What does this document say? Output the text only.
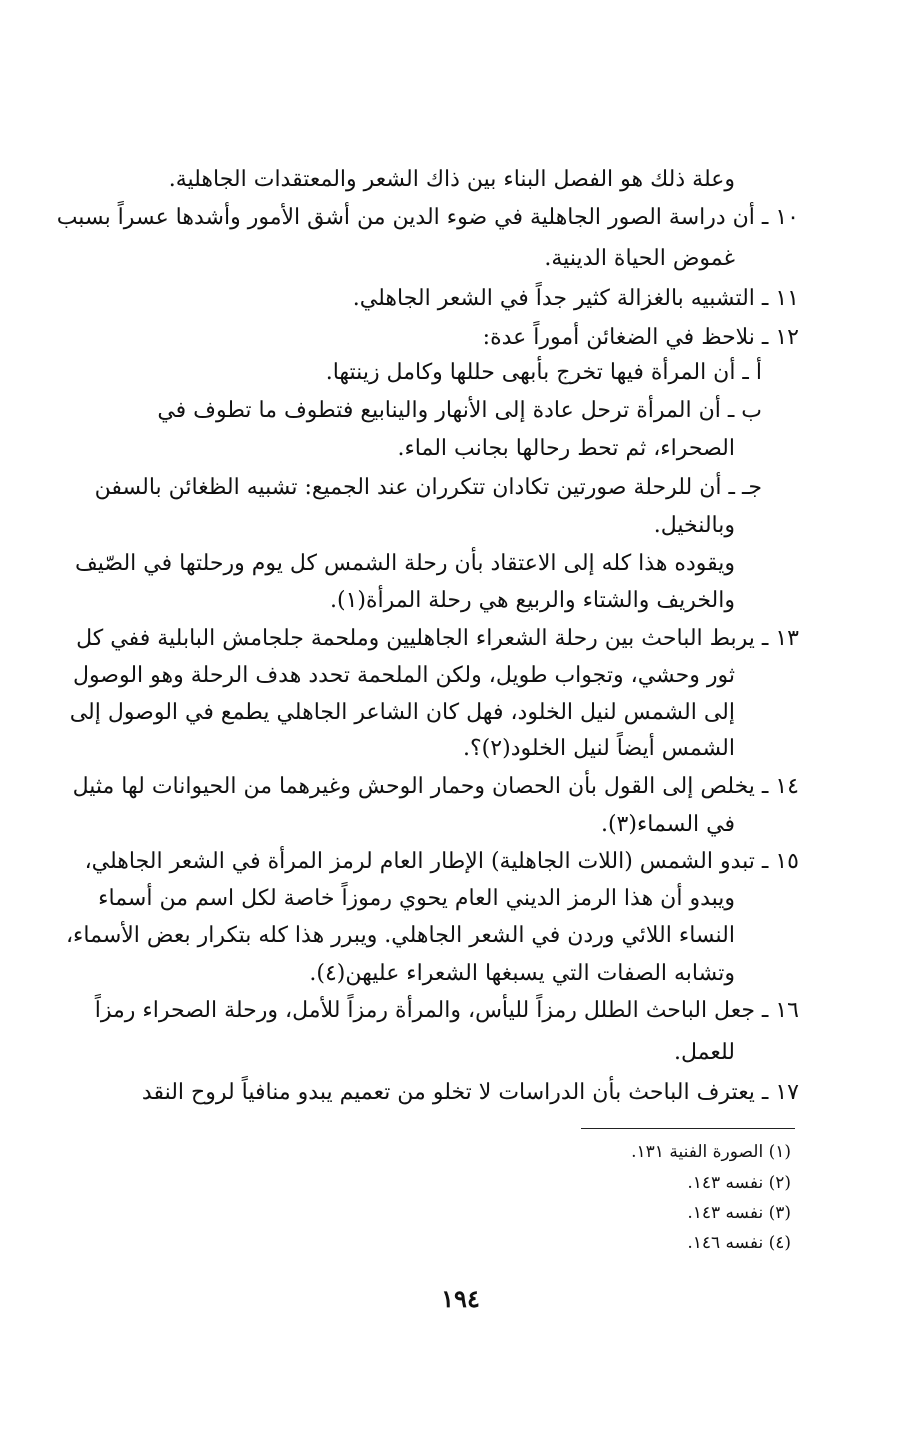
وعلة ذلك هو الفصل البناء بين ذاك الشعر والمعتقدات الجاهلية.
١٠ ـ أن دراسة الصور الجاهلية في ضوء الدين من أشق الأمور وأشدها عسراً بسبب
غموض الحياة الدينية.
١١ ـ التشبيه بالغزالة كثير جداً في الشعر الجاهلي.
١٢ ـ نلاحظ في الضغائن أموراً عدة:
أ ـ أن المرأة فيها تخرج بأبهى حللها وكامل زينتها.
ب ـ أن المرأة ترحل عادة إلى الأنهار والينابيع فتطوف ما تطوف في
الصحراء، ثم تحط رحالها بجانب الماء.
جـ ـ أن للرحلة صورتين تكادان تتكرران عند الجميع: تشبيه الظغائن بالسفن
وبالنخيل.
ويقوده هذا كله إلى الاعتقاد بأن رحلة الشمس كل يوم ورحلتها في الصّيف
والخريف والشتاء والربيع هي رحلة المرأة(١).
١٣ ـ يربط الباحث بين رحلة الشعراء الجاهليين وملحمة جلجامش البابلية ففي كل
ثور وحشي، وتجواب طويل، ولكن الملحمة تحدد هدف الرحلة وهو الوصول
إلى الشمس لنيل الخلود، فهل كان الشاعر الجاهلي يطمع في الوصول إلى
الشمس أيضاً لنيل الخلود(٢)؟.
١٤ ـ يخلص إلى القول بأن الحصان وحمار الوحش وغيرهما من الحيوانات لها مثيل
في السماء(٣).
١٥ ـ تبدو الشمس (اللات الجاهلية) الإطار العام لرمز المرأة في الشعر الجاهلي،
ويبدو أن هذا الرمز الديني العام يحوي رموزاً خاصة لكل اسم من أسماء
النساء اللائي وردن في الشعر الجاهلي. ويبرر هذا كله بتكرار بعض الأسماء،
وتشابه الصفات التي يسبغها الشعراء عليهن(٤).
١٦ ـ جعل الباحث الطلل رمزاً لليأس، والمرأة رمزاً للأمل، ورحلة الصحراء رمزاً
للعمل.
١٧ ـ يعترف الباحث بأن الدراسات لا تخلو من تعميم يبدو منافياً لروح النقد
(١) الصورة الفنية ١٣١.
(٢) نفسه ١٤٣.
(٣) نفسه ١٤٣.
(٤) نفسه ١٤٦.
١٩٤
